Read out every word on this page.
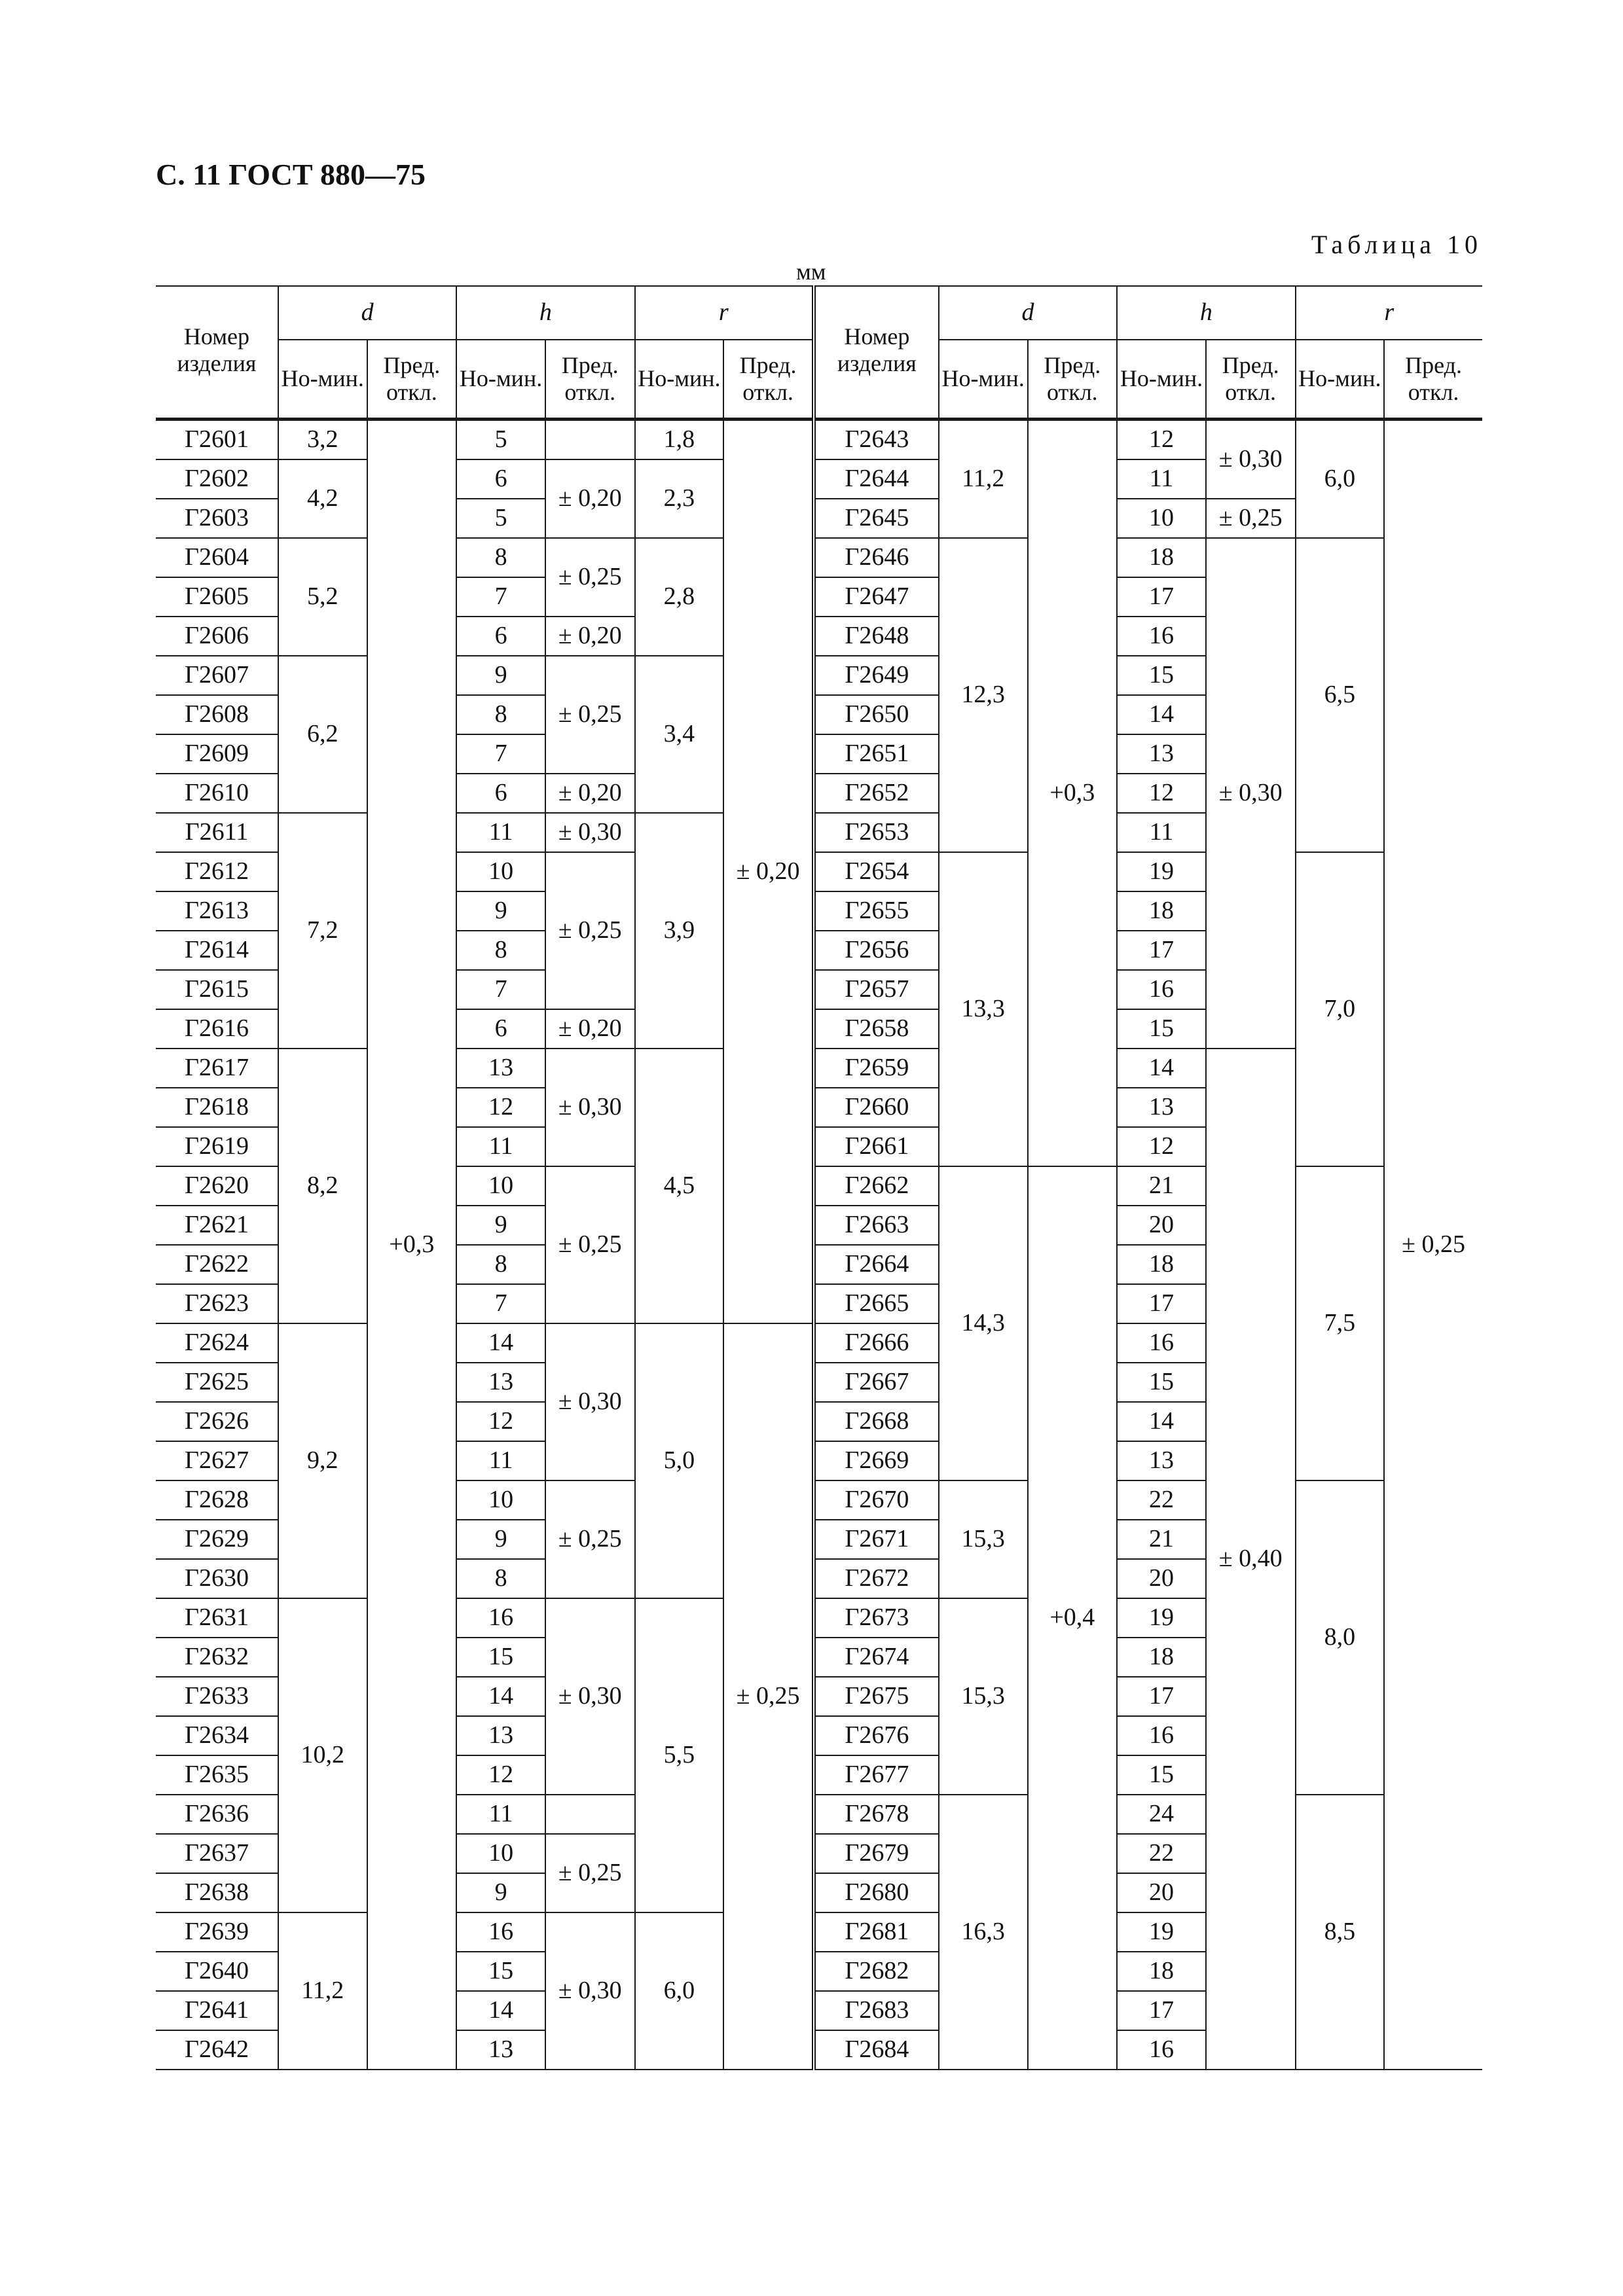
С. 11 ГОСТ 880—75
Таблица 10
мм
Номер изделия	d		h		r		Номер изделия	d		h		r	
	Но-мин.	Пред. откл.	Но-мин.	Пред. откл.	Но-мин.	Пред. откл.		Но-мин.	Пред. откл.	Но-мин.	Пред. откл.	Но-мин.	Пред. откл.
Г2601	3,2	+0,3	5		1,8	± 0,20	Г2643	11,2	+0,3	12	± 0,30	6,0	± 0,25
Г2602	4,2		6	± 0,20	2,3		Г2644			11			
Г2603			5				Г2645			10	± 0,25		
Г2604	5,2		8	± 0,25	2,8		Г2646	12,3		18	± 0,30	6,5	
Г2605			7				Г2647			17			
Г2606			6	± 0,20			Г2648			16			
Г2607	6,2		9	± 0,25	3,4		Г2649			15			
Г2608			8				Г2650			14			
Г2609			7				Г2651			13			
Г2610			6	± 0,20			Г2652			12			
Г2611	7,2		11	± 0,30	3,9		Г2653			11			
Г2612			10	± 0,25			Г2654	13,3		19		7,0	
Г2613			9				Г2655			18			
Г2614			8				Г2656			17			
Г2615			7				Г2657			16			
Г2616			6	± 0,20			Г2658			15			
Г2617	8,2		13	± 0,30	4,5		Г2659			14	± 0,40		
Г2618			12				Г2660			13			
Г2619			11				Г2661			12			
Г2620			10	± 0,25			Г2662	14,3	+0,4	21		7,5	
Г2621			9				Г2663			20			
Г2622			8				Г2664			18			
Г2623			7				Г2665			17			
Г2624	9,2		14	± 0,30	5,0	± 0,25	Г2666			16			
Г2625			13				Г2667			15			
Г2626			12				Г2668			14			
Г2627			11				Г2669			13			
Г2628			10	± 0,25			Г2670	15,3		22		8,0	
Г2629			9				Г2671			21			
Г2630			8				Г2672			20			
Г2631	10,2		16	± 0,30	5,5		Г2673	15,3		19			
Г2632			15				Г2674			18			
Г2633			14				Г2675			17			
Г2634			13				Г2676			16			
Г2635			12				Г2677			15			
Г2636			11				Г2678	16,3		24		8,5	
Г2637			10	± 0,25			Г2679			22			
Г2638			9				Г2680			20			
Г2639	11,2		16	± 0,30	6,0		Г2681			19			
Г2640			15				Г2682			18			
Г2641			14				Г2683			17			
Г2642			13				Г2684			16			
